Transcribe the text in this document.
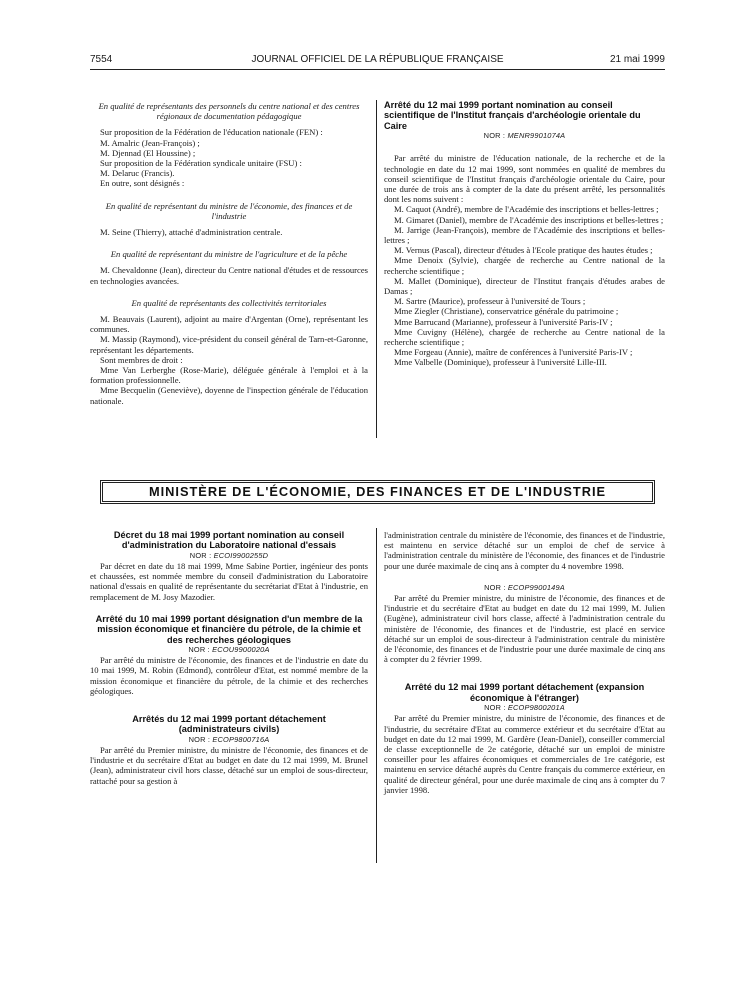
7554	JOURNAL OFFICIEL DE LA RÉPUBLIQUE FRANÇAISE	21 mai 1999

En qualité de représentants des personnels du centre national et des centres régionaux de documentation pédagogique

Sur proposition de la Fédération de l'éducation nationale (FEN) :

M. Amalric (Jean-François) ;

M. Djennad (El Houssine) ;

Sur proposition de la Fédération syndicale unitaire (FSU) :

M. Delaruc (Francis).

En outre, sont désignés :

En qualité de représentant du ministre de l'économie, des finances et de l'industrie

M. Seine (Thierry), attaché d'administration centrale.

En qualité de représentant du ministre de l'agriculture et de la pêche

M. Chevaldonne (Jean), directeur du Centre national d'études et de ressources en technologies avancées.

En qualité de représentants des collectivités territoriales

M. Beauvais (Laurent), adjoint au maire d'Argentan (Orne), représentant les communes.

M. Massip (Raymond), vice-président du conseil général de Tarn-et-Garonne, représentant les départements.

Sont membres de droit :

Mme Van Lerberghe (Rose-Marie), déléguée générale à l'emploi et à la formation professionnelle.

Mme Becquelin (Geneviève), doyenne de l'inspection générale de l'éducation nationale.

Arrêté du 12 mai 1999 portant nomination au conseil scientifique de l'Institut français d'archéologie orientale du Caire

NOR : MENR9901074A

Par arrêté du ministre de l'éducation nationale, de la recherche et de la technologie en date du 12 mai 1999, sont nommées en qualité de membres du conseil scientifique de l'Institut français d'archéologie orientale du Caire, pour une durée de trois ans à compter de la date du présent arrêté, les personnalités dont les noms suivent :

M. Caquot (André), membre de l'Académie des inscriptions et belles-lettres ;

M. Gimaret (Daniel), membre de l'Académie des inscriptions et belles-lettres ;

M. Jarrige (Jean-François), membre de l'Académie des inscriptions et belles-lettres ;

M. Vernus (Pascal), directeur d'études à l'Ecole pratique des hautes études ;

Mme Denoix (Sylvie), chargée de recherche au Centre national de la recherche scientifique ;

M. Mallet (Dominique), directeur de l'Institut français d'études arabes de Damas ;

M. Sartre (Maurice), professeur à l'université de Tours ;

Mme Ziegler (Christiane), conservatrice générale du patrimoine ;

Mme Barrucand (Marianne), professeur à l'université Paris-IV ;

Mme Cuvigny (Hélène), chargée de recherche au Centre national de la recherche scientifique ;

Mme Forgeau (Annie), maître de conférences à l'université Paris-IV ;

Mme Valbelle (Dominique), professeur à l'université Lille-III.

MINISTÈRE DE L'ÉCONOMIE, DES FINANCES ET DE L'INDUSTRIE

Décret du 18 mai 1999 portant nomination au conseil d'administration du Laboratoire national d'essais

NOR : ECOI9900255D

Par décret en date du 18 mai 1999, Mme Sabine Portier, ingénieur des ponts et chaussées, est nommée membre du conseil d'administration du Laboratoire national d'essais en qualité de représentante du secrétariat d'Etat à l'industrie, en remplacement de M. Josy Mazodier.

Arrêté du 10 mai 1999 portant désignation d'un membre de la mission économique et financière du pétrole, de la chimie et des recherches géologiques

NOR : ECOU9900020A

Par arrêté du ministre de l'économie, des finances et de l'industrie en date du 10 mai 1999, M. Robin (Edmond), contrôleur d'Etat, est nommé membre de la mission économique et financière du pétrole, de la chimie et des recherches géologiques.

Arrêtés du 12 mai 1999 portant détachement (administrateurs civils)

NOR : ECOP9800716A

Par arrêté du Premier ministre, du ministre de l'économie, des finances et de l'industrie et du secrétaire d'Etat au budget en date du 12 mai 1999, M. Brunel (Jean), administrateur civil hors classe, détaché sur un emploi de sous-directeur, rattaché pour sa gestion à

l'administration centrale du ministère de l'économie, des finances et de l'industrie, est maintenu en service détaché sur un emploi de chef de service à l'administration centrale du ministère de l'économie, des finances et de l'industrie pour une durée maximale de cinq ans à compter du 4 novembre 1998.

NOR : ECOP9900149A

Par arrêté du Premier ministre, du ministre de l'économie, des finances et de l'industrie et du secrétaire d'Etat au budget en date du 12 mai 1999, M. Julien (Eugène), administrateur civil hors classe, affecté à l'administration centrale du ministère de l'économie, des finances et de l'industrie, est placé en service détaché sur un emploi de sous-directeur à l'administration centrale du ministère de l'économie, des finances et de l'industrie pour une durée maximale de cinq ans à compter du 2 février 1999.

Arrêté du 12 mai 1999 portant détachement (expansion économique à l'étranger)

NOR : ECOP9800201A

Par arrêté du Premier ministre, du ministre de l'économie, des finances et de l'industrie, du secrétaire d'Etat au commerce extérieur et du secrétaire d'Etat au budget en date du 12 mai 1999, M. Gardère (Jean-Daniel), conseiller commercial de classe exceptionnelle de 2e catégorie, détaché sur un emploi de ministre conseiller pour les affaires économiques et commerciales de 1re catégorie, est maintenu en service détaché auprès du Centre français du commerce extérieur, en qualité de directeur général, pour une durée maximale de cinq ans à compter du 7 janvier 1998.
